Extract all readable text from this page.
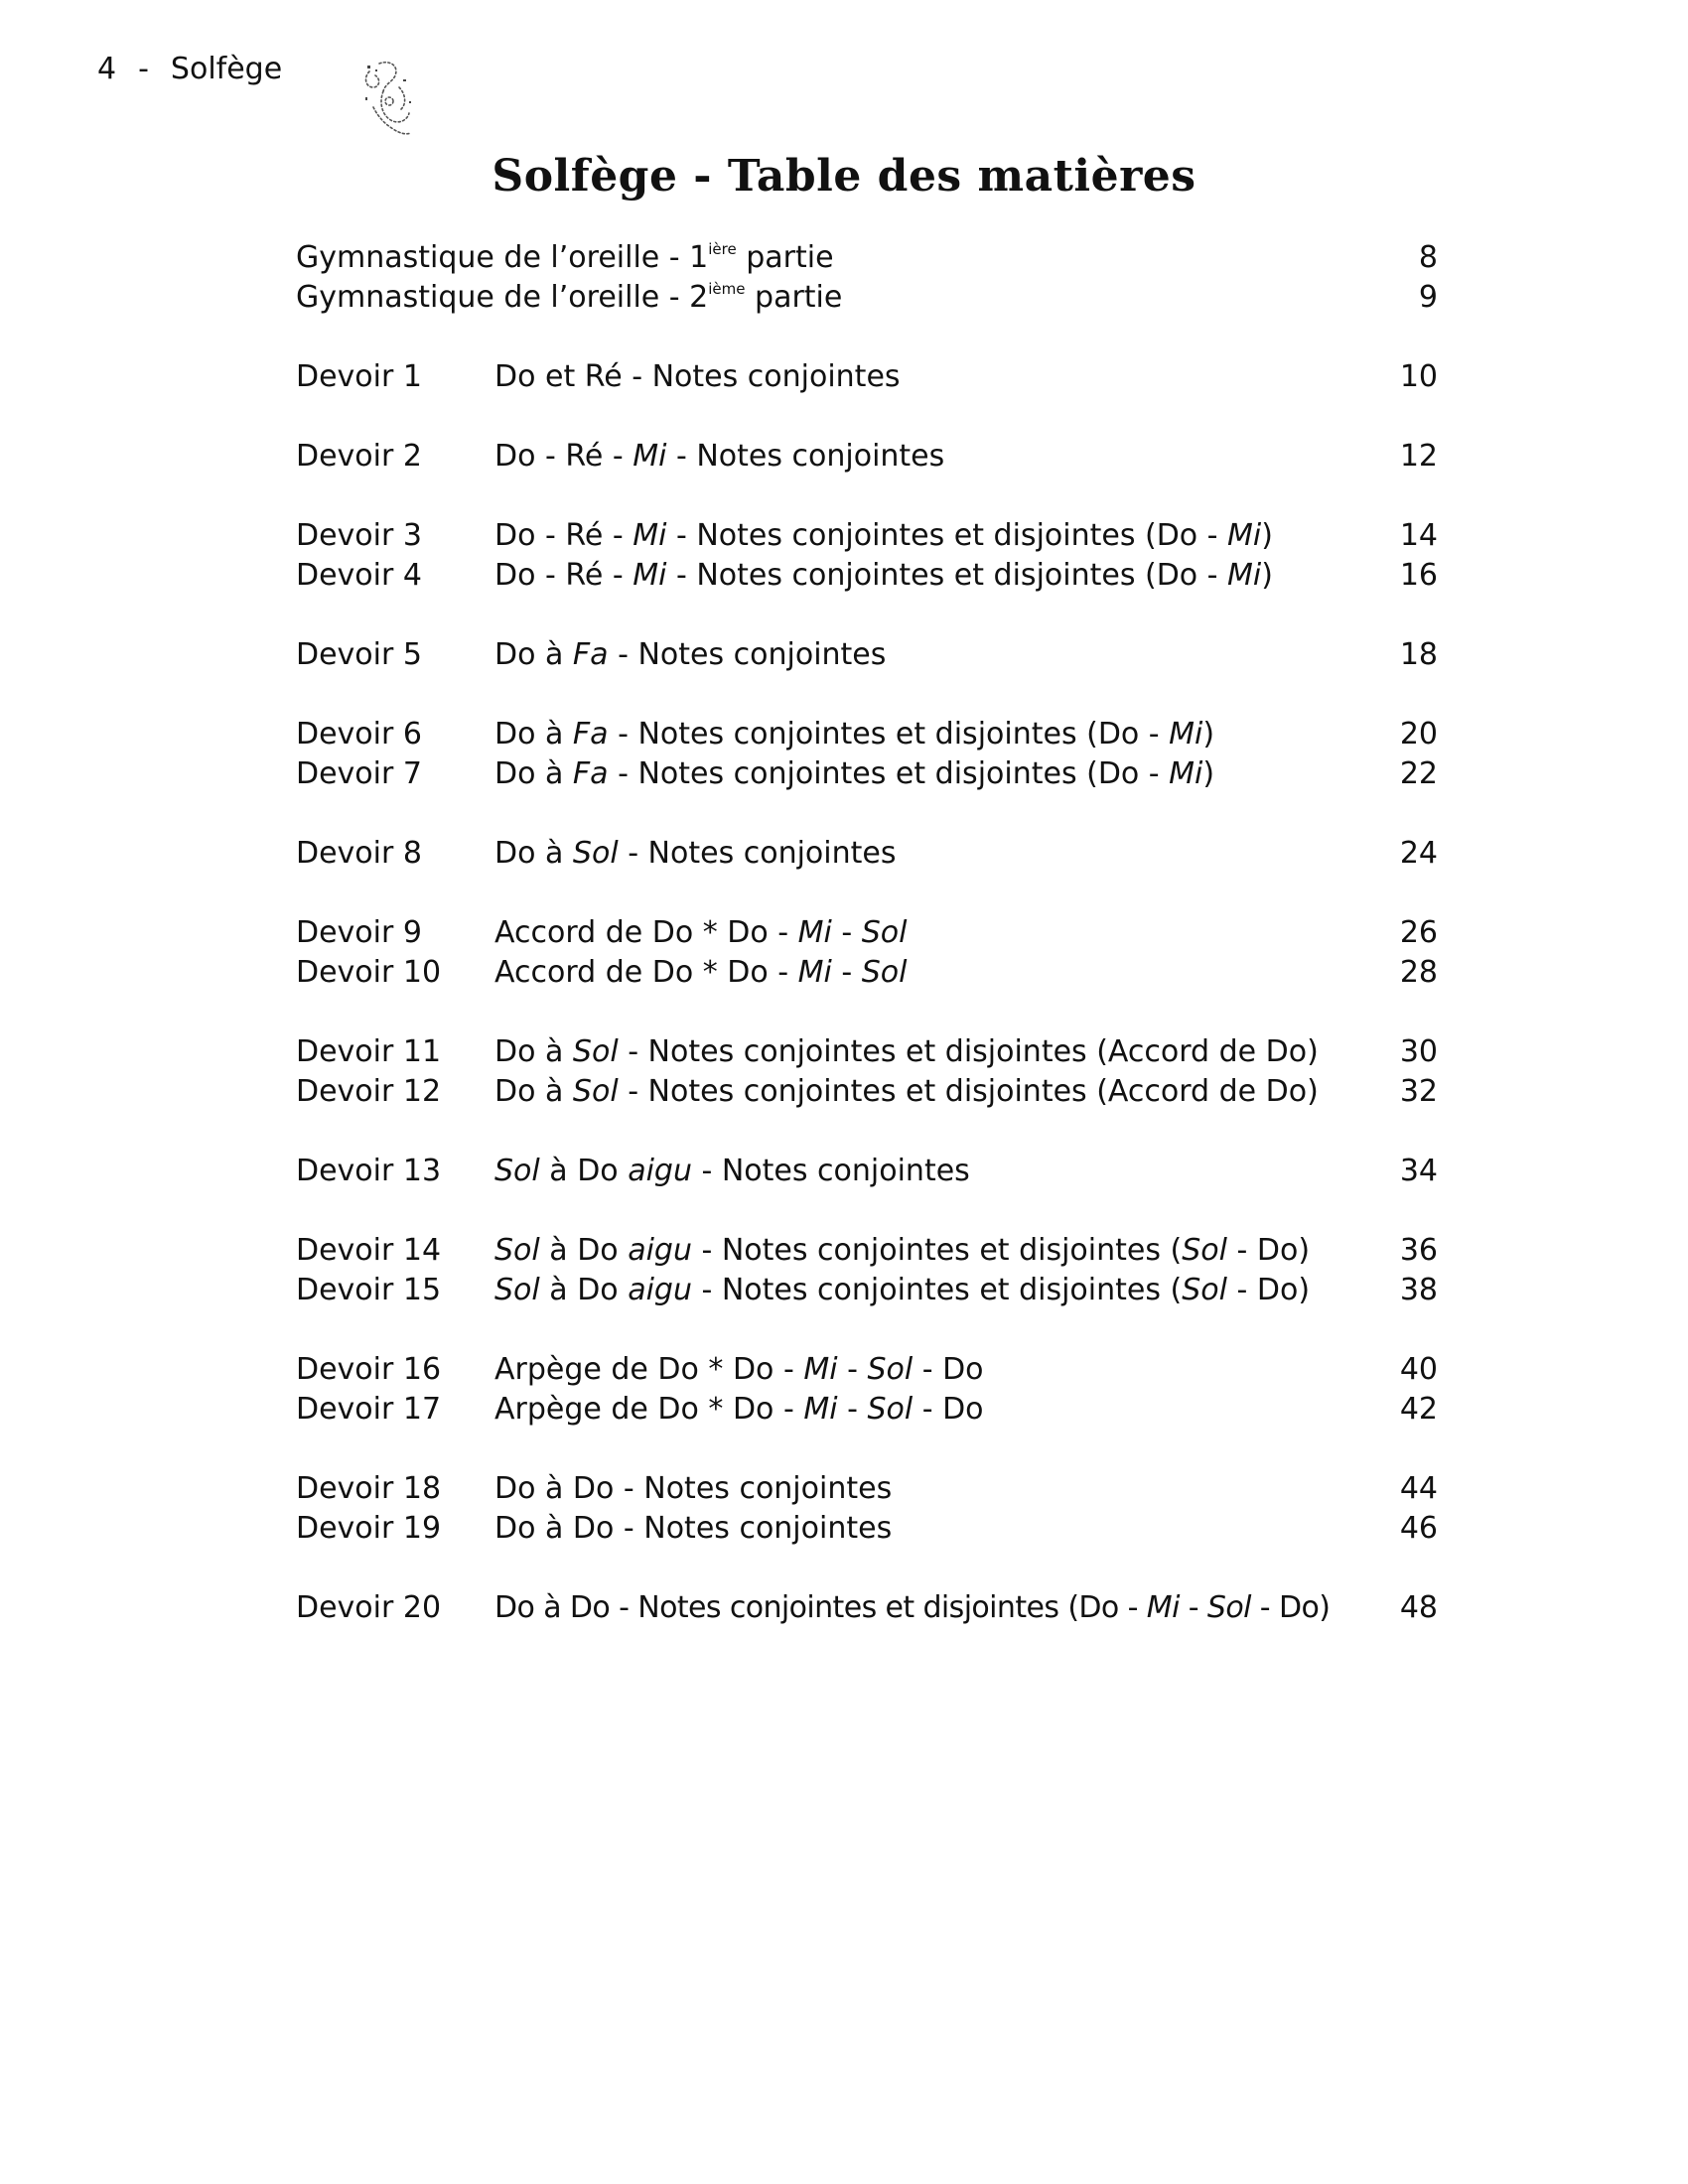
4 - Solfège
Solfège - Table des matières
Gymnastique de l’oreille - $1^{ière}$ partie	8
Gymnastique de l’oreille - 2ième partie	9
Devoir 1 Do et Ré - Notes conjointes	10
Devoir 2 Do - Ré - Mi - Notes conjointes	12
Devoir 3 Do - Ré - Mi - Notes conjointes et disjointes (Do - Mi)	14
Devoir 4 Do - Ré - Mi - Notes conjointes et disjointes (Do - Mi)	16
Devoir 5 Do à Fa - Notes conjointes	18
Devoir 6 Do à Fa - Notes conjointes et disjointes (Do - Mi)	20
Devoir 7 Do à Fa - Notes conjointes et disjointes (Do - Mi)	22
Devoir 8 Do à Sol - Notes conjointes	24
Devoir 9 Accord de Do * Do - Mi - Sol	26
Devoir 10 Accord de Do * Do - Mi - Sol	28
Devoir 11 Do à Sol - Notes conjointes et disjointes (Accord de Do)	30
Devoir 12 Do à Sol - Notes conjointes et disjointes (Accord de Do)	32
Devoir 13 Sol à Do aigu - Notes conjointes	34
Devoir 14 Sol à Do aigu - Notes conjointes et disjointes (Sol - Do)	36
Devoir 15 Sol à Do aigu - Notes conjointes et disjointes (Sol - Do)	38
Devoir 16 Arpège de Do * Do - Mi - Sol - Do	40
Devoir 17 Arpège de Do * Do - Mi - Sol - Do	42
Devoir 18 Do à Do - Notes conjointes	44
Devoir 19 Do à Do - Notes conjointes	46
Devoir 20 Do à Do - Notes conjointes et disjointes (Do - Mi - Sol - Do) 48
